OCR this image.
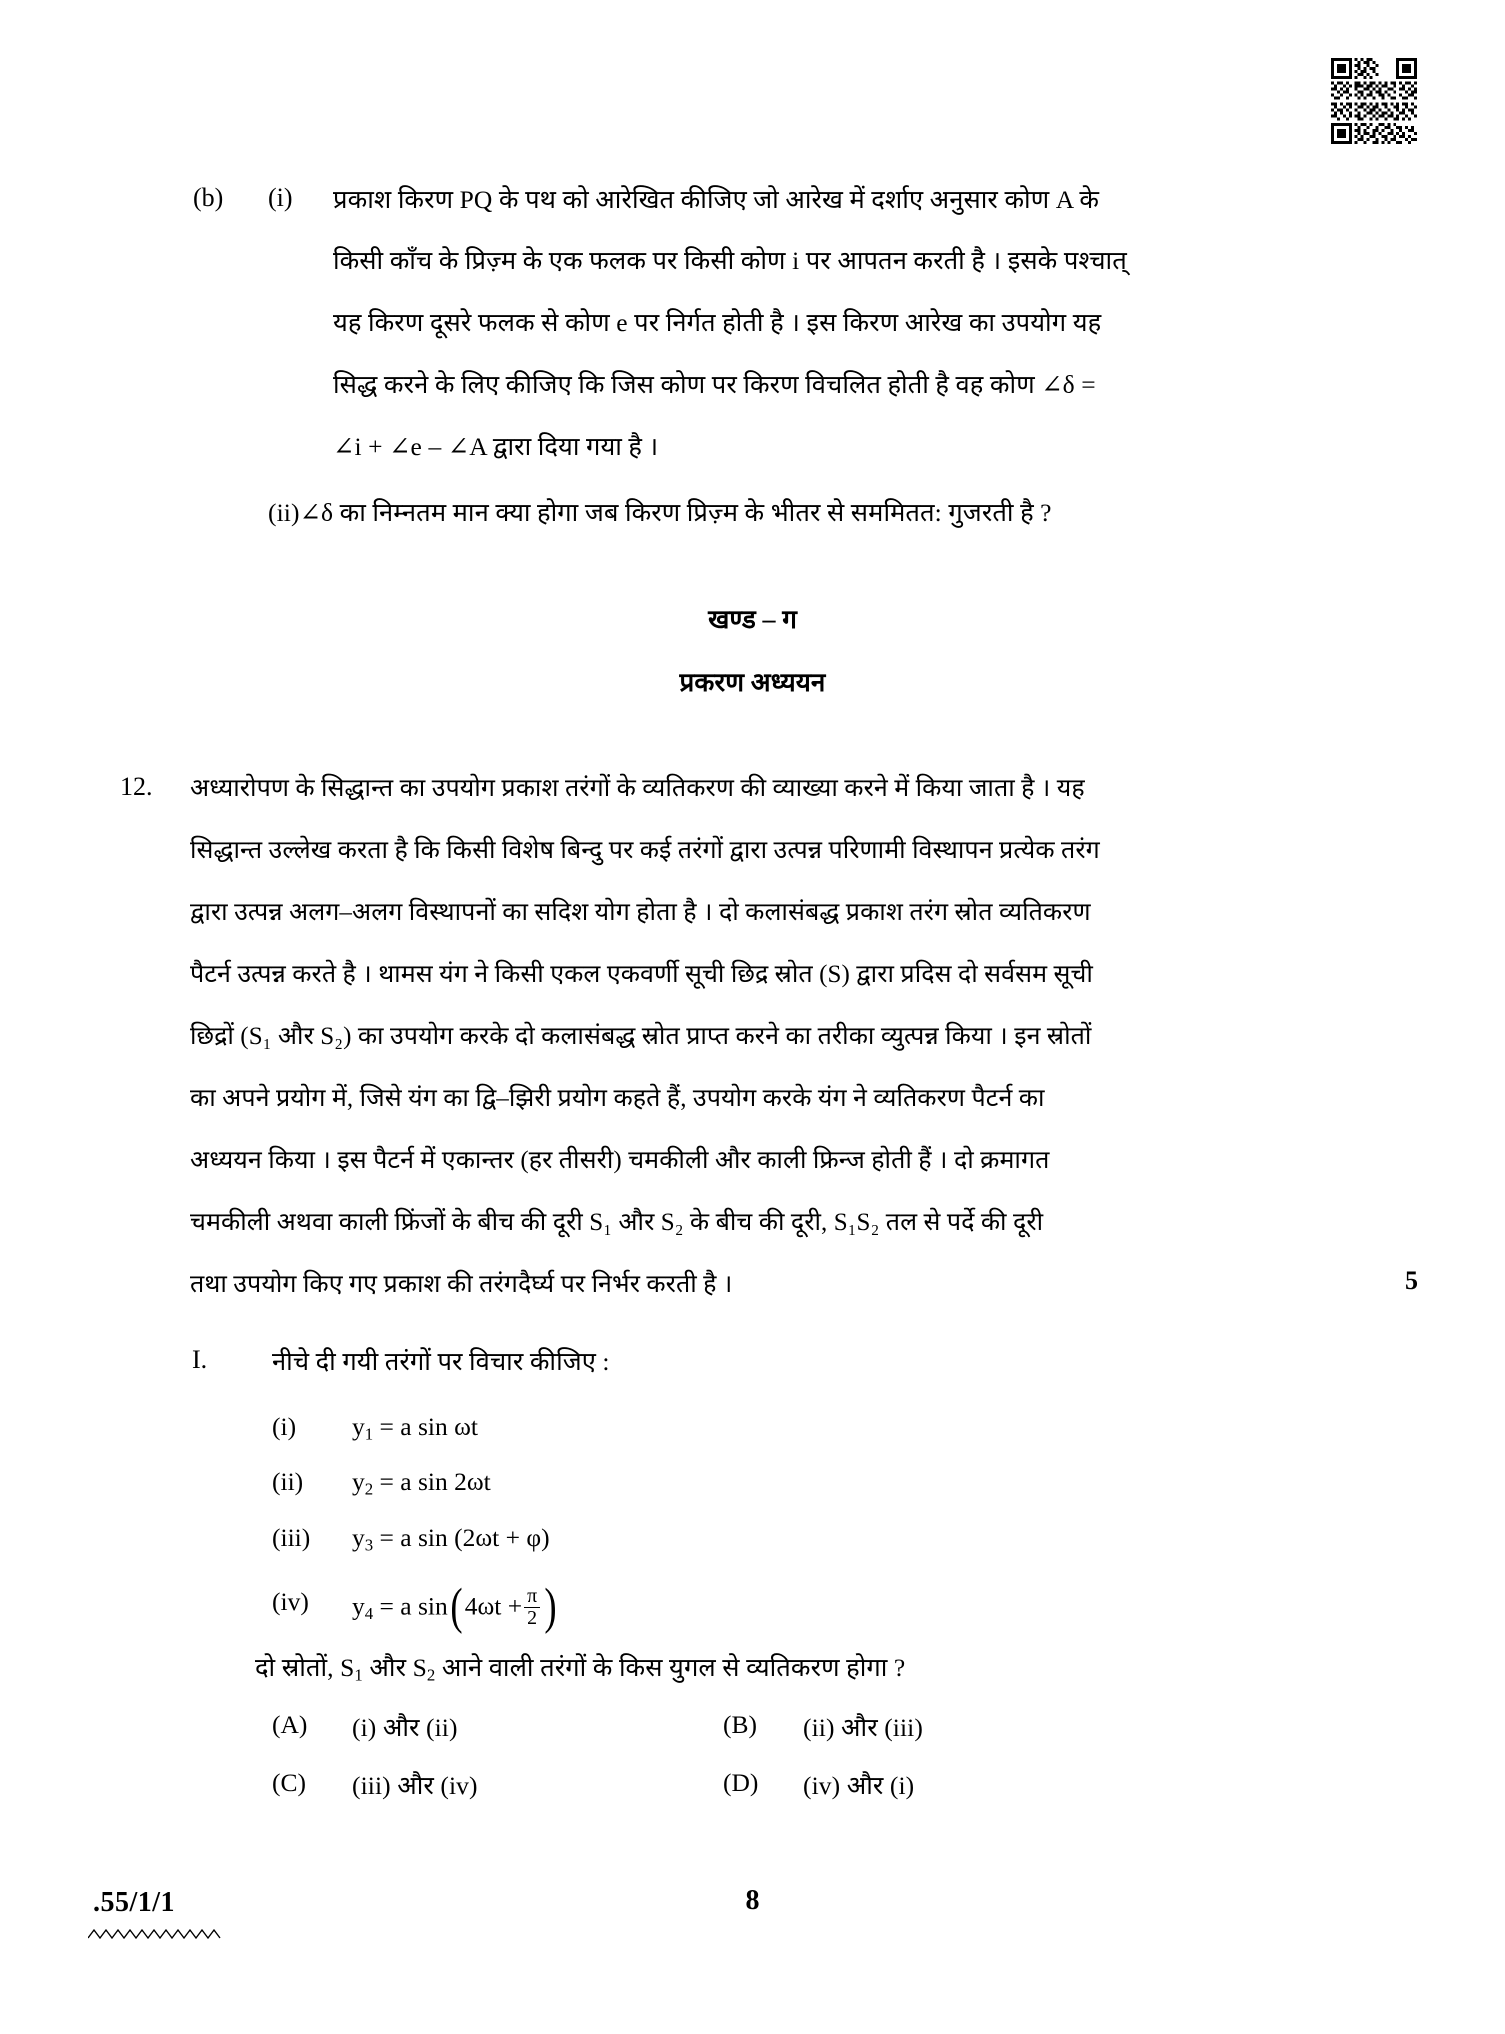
(b) (i) प्रकाश किरण PQ के पथ को आरेखित कीजिए जो आरेख में दर्शाए अनुसार कोण A के
किसी काँच के प्रिज़्म के एक फलक पर किसी कोण i पर आपतन करती है । इसके पश्चात्
यह किरण दूसरे फलक से कोण e पर निर्गत होती है । इस किरण आरेख का उपयोग यह
सिद्ध करने के लिए कीजिए कि जिस कोण पर किरण विचलित होती है वह कोण ∠δ =
∠i + ∠e – ∠A द्वारा दिया गया है ।
(ii)∠δ का निम्नतम मान क्या होगा जब किरण प्रिज़्म के भीतर से सममितत: गुजरती है ?
खण्ड – ग
प्रकरण अध्ययन
12. अध्यारोपण के सिद्धान्त का उपयोग प्रकाश तरंगों के व्यतिकरण की व्याख्या करने में किया जाता है । यह
सिद्धान्त उल्लेख करता है कि किसी विशेष बिन्दु पर कई तरंगों द्वारा उत्पन्न परिणामी विस्थापन प्रत्येक तरंग
द्वारा उत्पन्न अलग–अलग विस्थापनों का सदिश योग होता है । दो कलासंबद्ध प्रकाश तरंग स्रोत व्यतिकरण
पैटर्न उत्पन्न करते है । थामस यंग ने किसी एकल एकवर्णी सूची छिद्र स्रोत (S) द्वारा प्रदिस दो सर्वसम सूची
छिद्रों (S₁ और S₂) का उपयोग करके दो कलासंबद्ध स्रोत प्राप्त करने का तरीका व्युत्पन्न किया । इन स्रोतों
का अपने प्रयोग में, जिसे यंग का द्वि–झिरी प्रयोग कहते हैं, उपयोग करके यंग ने व्यतिकरण पैटर्न का
अध्ययन किया । इस पैटर्न में एकान्तर (हर तीसरी) चमकीली और काली फ्रिन्ज होती हैं । दो क्रमागत
चमकीली अथवा काली फ्रिंजों के बीच की दूरी S₁ और S₂ के बीच की दूरी, S₁S₂ तल से पर्दे की दूरी
तथा उपयोग किए गए प्रकाश की तरंगदैर्घ्य पर निर्भर करती है ।	5
I.	नीचे दी गयी तरंगों पर विचार कीजिए :
(i) $y_1 = a$ sin ωt
(ii) $y_2 = a$ sin 2ωt
(iii) $y_3 = a$ sin (2ωt + φ)
(iv) $y_4 = a$ $\sin(4\omega t + \frac{\pi}{2}$ )
दो स्रोतों, $S_1$ और $S_2$ आने वाली तरंगों के किस युगल से व्यतिकरण होगा ?
(A) (i) और (ii)	(B) (ii) और (iii)
(C) (iii) और (iv)	(D) (iv) और (i)
.55/1/1	8
